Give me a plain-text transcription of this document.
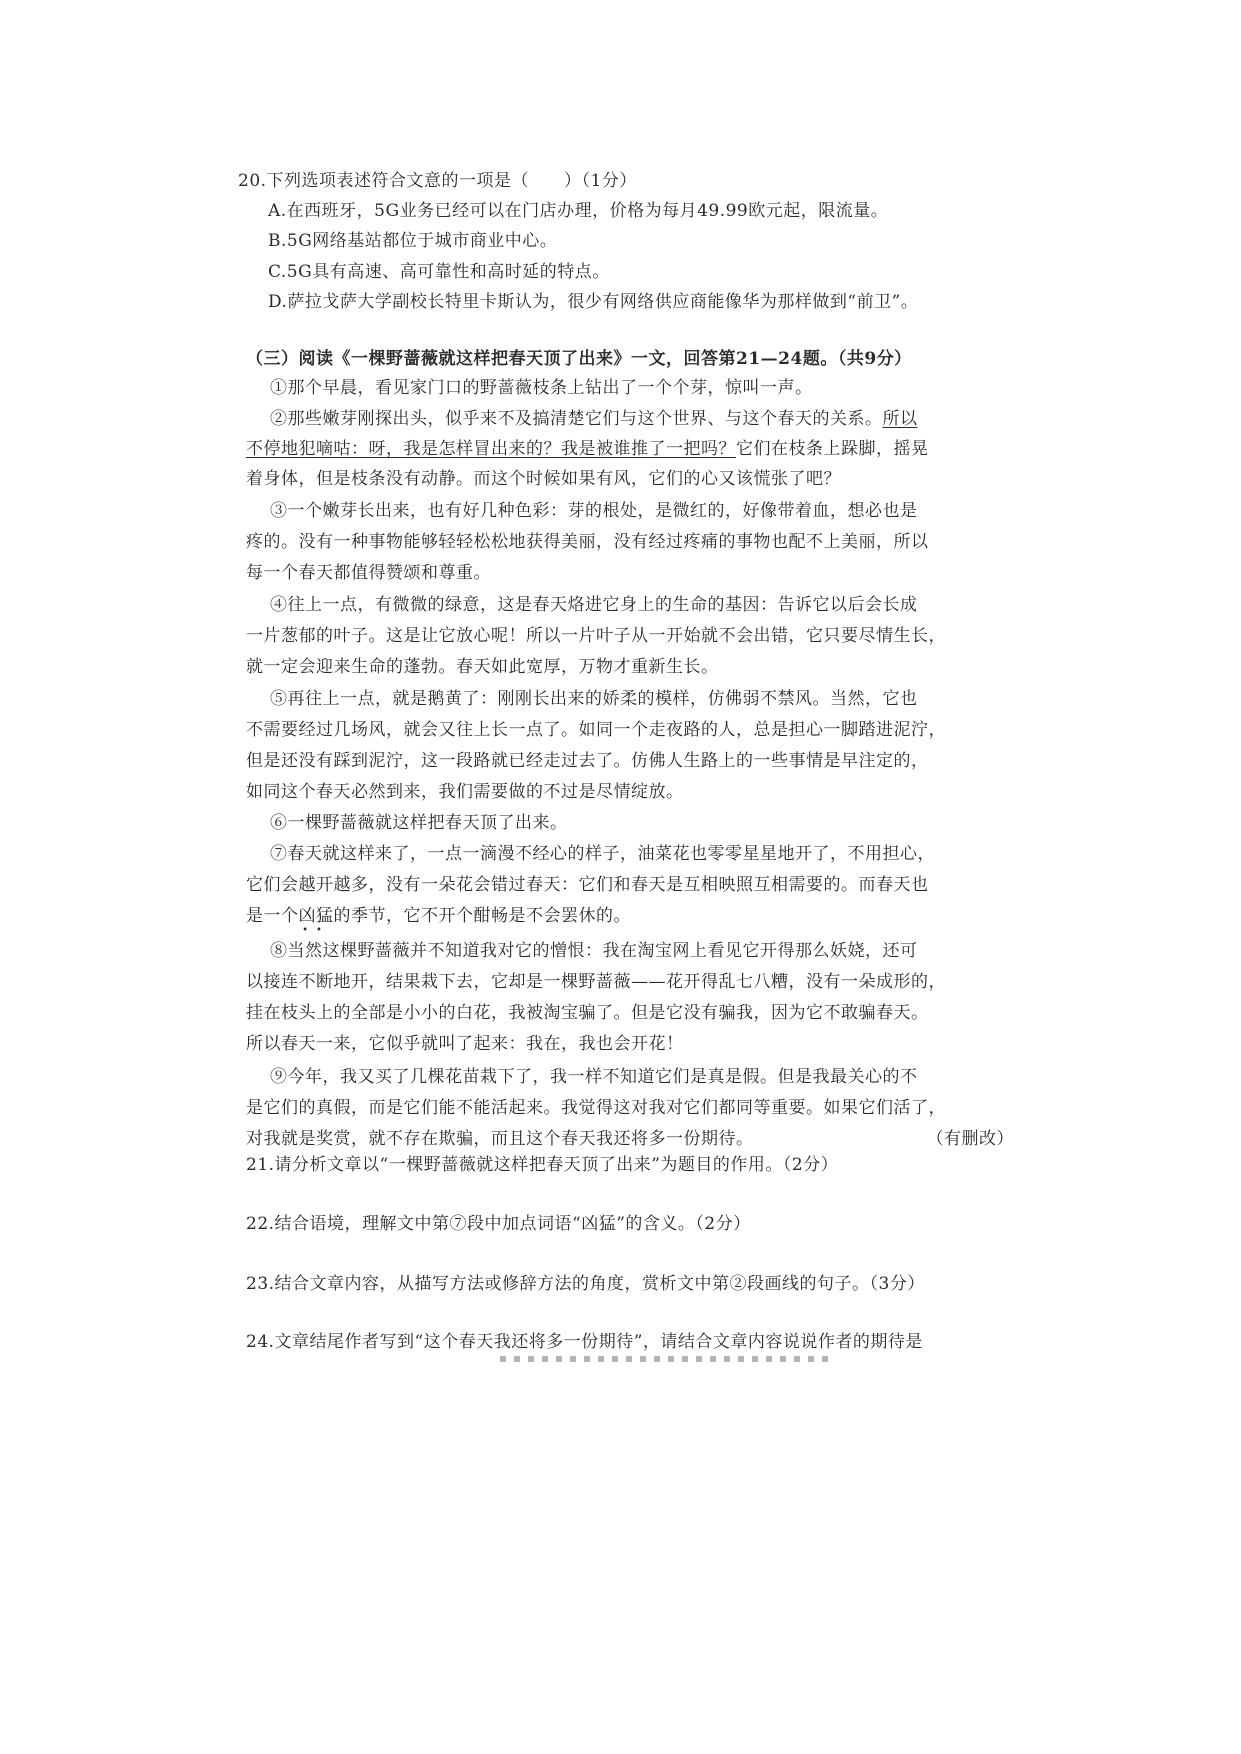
20.下列选项表述符合文意的一项是（　　）（1分）
A.在西班牙，5G业务已经可以在门店办理，价格为每月49.99欧元起，限流量。
B.5G网络基站都位于城市商业中心。
C.5G具有高速、高可靠性和高时延的特点。
D.萨拉戈萨大学副校长特里卡斯认为，很少有网络供应商能像华为那样做到“前卫”。
（三）阅读《一棵野蔷薇就这样把春天顶了出来》一文，回答第21—24题。（共9分）
①那个早晨，看见家门口的野蔷薇枝条上钻出了一个个芽，惊叫一声。
②那些嫩芽刚探出头，似乎来不及搞清楚它们与这个世界、与这个春天的关系。所以
不停地犯嘀咕：呀，我是怎样冒出来的？我是被谁推了一把吗？它们在枝条上跺脚，摇晃
着身体，但是枝条没有动静。而这个时候如果有风，它们的心又该慌张了吧？
③一个嫩芽长出来，也有好几种色彩：芽的根处，是微红的，好像带着血，想必也是
疼的。没有一种事物能够轻轻松松地获得美丽，没有经过疼痛的事物也配不上美丽，所以
每一个春天都值得赞颂和尊重。
④往上一点，有微微的绿意，这是春天烙进它身上的生命的基因：告诉它以后会长成
一片葱郁的叶子。这是让它放心呢！所以一片叶子从一开始就不会出错，它只要尽情生长，
就一定会迎来生命的蓬勃。春天如此宽厚，万物才重新生长。
⑤再往上一点，就是鹅黄了：刚刚长出来的娇柔的模样，仿佛弱不禁风。当然，它也
不需要经过几场风，就会又往上长一点了。如同一个走夜路的人，总是担心一脚踏进泥泞，
但是还没有踩到泥泞，这一段路就已经走过去了。仿佛人生路上的一些事情是早注定的，
如同这个春天必然到来，我们需要做的不过是尽情绽放。
⑥一棵野蔷薇就这样把春天顶了出来。
⑦春天就这样来了，一点一滴漫不经心的样子，油菜花也零零星星地开了，不用担心，
它们会越开越多，没有一朵花会错过春天：它们和春天是互相映照互相需要的。而春天也
是一个凶猛
••
的季节，它不开个酣畅是不会罢休的。
⑧当然这棵野蔷薇并不知道我对它的憎恨：我在淘宝网上看见它开得那么妖娆，还可
以接连不断地开，结果栽下去，它却是一棵野蔷薇——花开得乱七八糟，没有一朵成形的，
挂在枝头上的全部是小小的白花，我被淘宝骗了。但是它没有骗我，因为它不敢骗春天。
所以春天一来，它似乎就叫了起来：我在，我也会开花！
⑨今年，我又买了几棵花苗栽下了，我一样不知道它们是真是假。但是我最关心的不
是它们的真假，而是它们能不能活起来。我觉得这对我对它们都同等重要。如果它们活了，
对我就是奖赏，就不存在欺骗，而且这个春天我还将多一份期待。	（有删改）
21.请分析文章以“一棵野蔷薇就这样把春天顶了出来”为题目的作用。（2分）
22.结合语境，理解文中第⑦段中加点词语“凶猛”的含义。（2分）
23.结合文章内容，从描写方法或修辞方法的角度，赏析文中第②段画线的句子。（3分）
24.文章结尾作者写到“这个春天我还将多一份期待”，请结合文章内容说说作者的期待是
